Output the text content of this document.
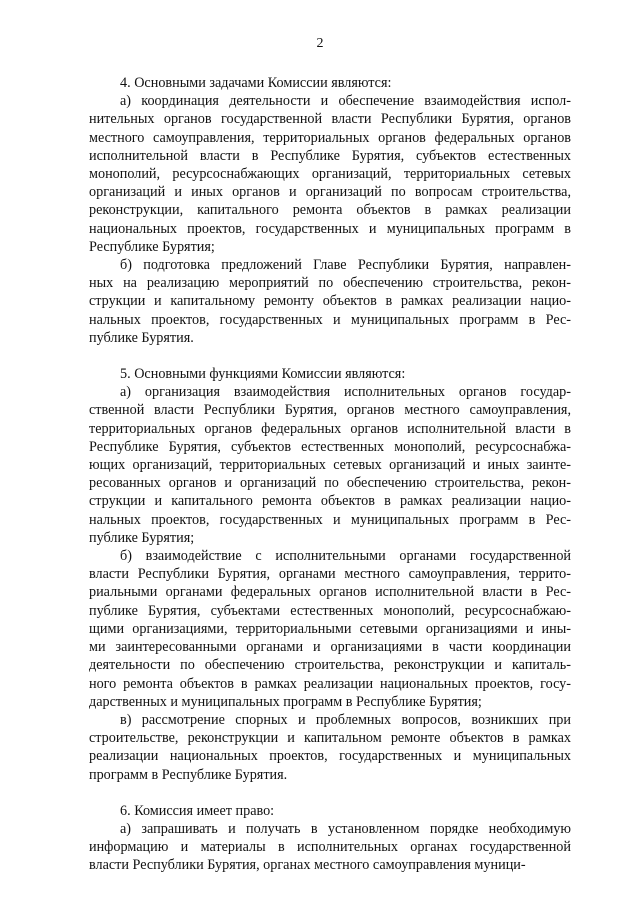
2
4. Основными задачами Комиссии являются:
а) координация деятельности и обеспечение взаимодействия испол-
нительных органов государственной власти Республики Бурятия, органов
местного самоуправления, территориальных органов федеральных органов
исполнительной власти в Республике Бурятия, субъектов естественных
монополий, ресурсоснабжающих организаций, территориальных сетевых
организаций и иных органов и организаций по вопросам строительства,
реконструкции, капитального ремонта объектов в рамках реализации
национальных проектов, государственных и муниципальных программ в
Республике Бурятия;
б) подготовка предложений Главе Республики Бурятия, направлен-
ных на реализацию мероприятий по обеспечению строительства, рекон-
струкции и капитальному ремонту объектов в рамках реализации нацио-
нальных проектов, государственных и муниципальных программ в Рес-
публике Бурятия.
5. Основными функциями Комиссии являются:
а) организация взаимодействия исполнительных органов государ-
ственной власти Республики Бурятия, органов местного самоуправления,
территориальных органов федеральных органов исполнительной власти в
Республике Бурятия, субъектов естественных монополий, ресурсоснабжа-
ющих организаций, территориальных сетевых организаций и иных заинте-
ресованных органов и организаций по обеспечению строительства, рекон-
струкции и капитального ремонта объектов в рамках реализации нацио-
нальных проектов, государственных и муниципальных программ в Рес-
публике Бурятия;
б) взаимодействие с исполнительными органами государственной
власти Республики Бурятия, органами местного самоуправления, террито-
риальными органами федеральных органов исполнительной власти в Рес-
публике Бурятия, субъектами естественных монополий, ресурсоснабжаю-
щими организациями, территориальными сетевыми организациями и ины-
ми заинтересованными органами и организациями в части координации
деятельности по обеспечению строительства, реконструкции и капиталь-
ного ремонта объектов в рамках реализации национальных проектов, госу-
дарственных и муниципальных программ в Республике Бурятия;
в) рассмотрение спорных и проблемных вопросов, возникших при
строительстве, реконструкции и капитальном ремонте объектов в рамках
реализации национальных проектов, государственных и муниципальных
программ в Республике Бурятия.
6. Комиссия имеет право:
а) запрашивать и получать в установленном порядке необходимую
информацию и материалы в исполнительных органах государственной
власти Республики Бурятия, органах местного самоуправления муници-
